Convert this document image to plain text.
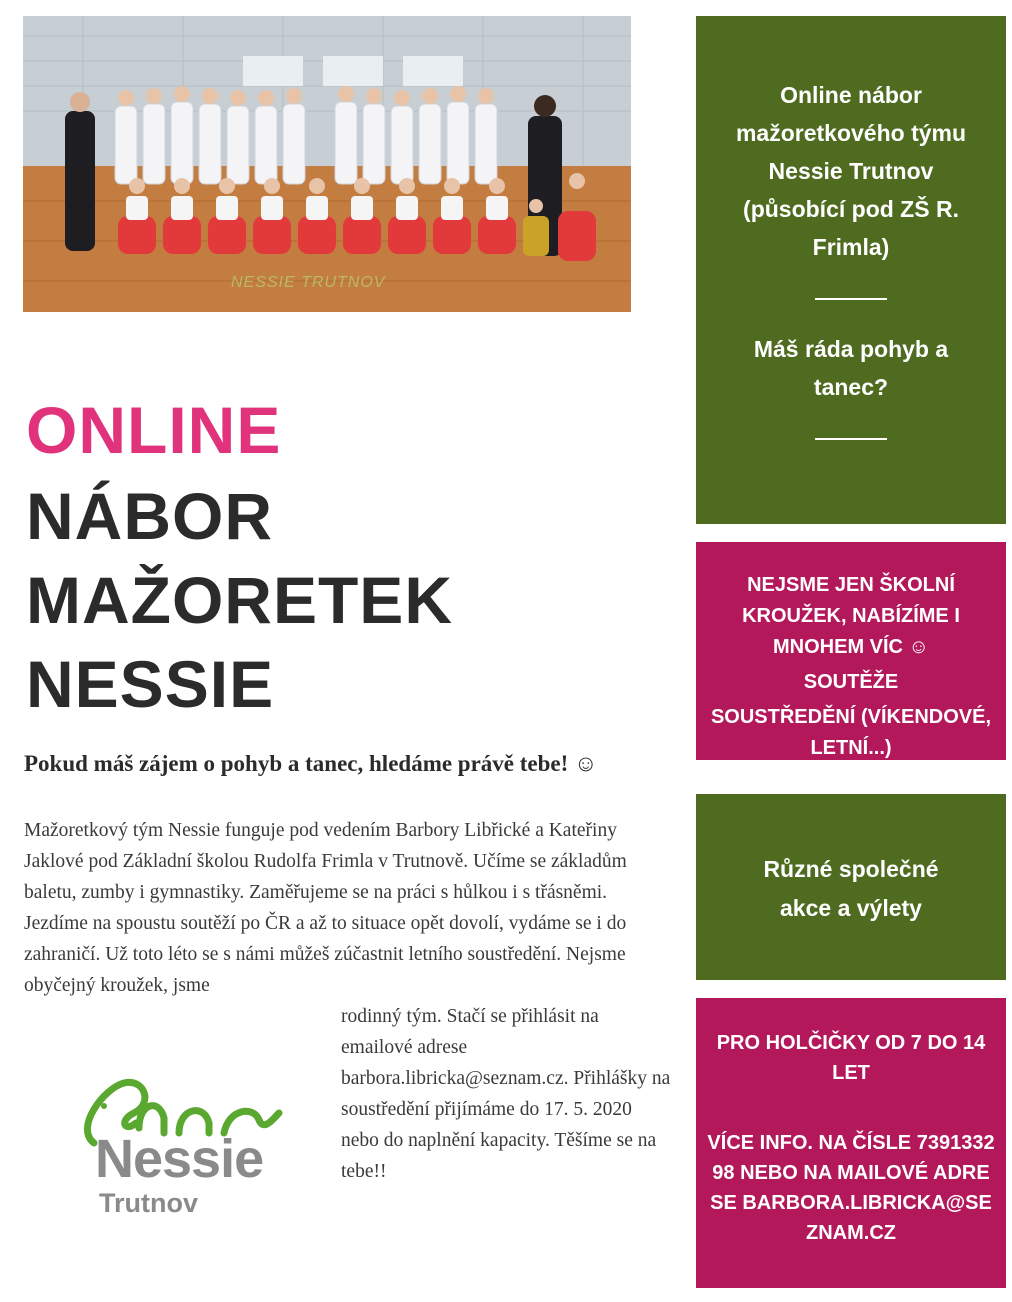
NESSIE TRUTNOV
ONLINE
NÁBOR
MAŽORETEK
NESSIE
Pokud máš zájem o pohyb a tanec, hledáme právě tebe! ☺
Mažoretkový tým Nessie funguje pod vedením Barbory Libřické a Kateřiny Jaklové pod Základní školou Rudolfa Frimla v Trutnově. Učíme se základům baletu, zumby i gymnastiky. Zaměřujeme se na práci s hůlkou i s třásněmi. Jezdíme na spoustu soutěží po ČR a až to situace opět dovolí, vydáme se i do zahraničí. Už toto léto se s námi můžeš zúčastnit letního soustředění. Nejsme obyčejný kroužek, jsme
rodinný tým. Stačí se přihlásit na emailové adrese barbora.libricka@seznam.cz. Přihlášky na soustředění přijímáme do 17. 5. 2020 nebo do naplnění kapacity. Těšíme se na tebe!!
Nessie
Trutnov
Online nábor mažoretkového týmu Nessie Trutnov (působící pod ZŠ R. Frimla)
Máš ráda pohyb a tanec?
NEJSME JEN ŠKOLNÍ KROUŽEK, NABÍZÍME I MNOHEM VÍC ☺
SOUTĚŽE
SOUSTŘEDĚNÍ (VÍKENDOVÉ, LETNÍ...)
Různé společné akce a výlety
PRO HOLČIČKY OD 7 DO 14 LET
VÍCE INFO. NA ČÍSLE 739133298 NEBO NA MAILOVÉ ADRESE BARBORA.LIBRICKA@SEZNAM.CZ
